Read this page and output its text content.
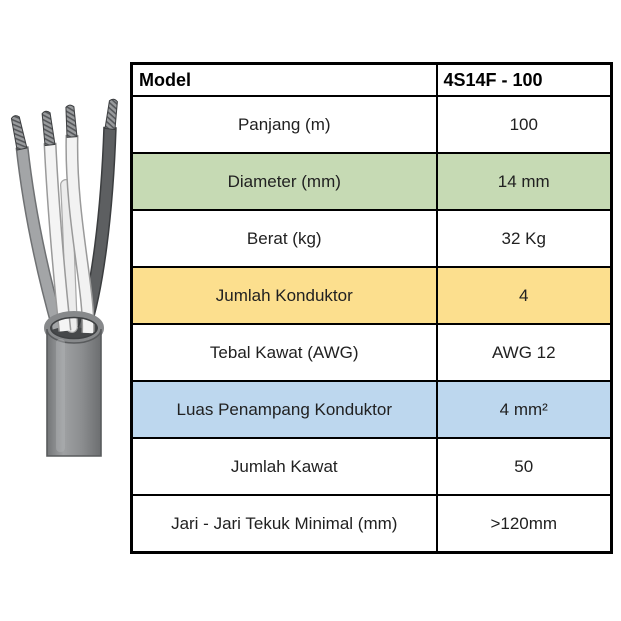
Model	4S14F - 100
Panjang (m)	100
Diameter (mm)	14 mm
Berat (kg)	32 Kg
Jumlah Konduktor	4
Tebal Kawat (AWG)	AWG 12
Luas Penampang Konduktor	4 mm²
Jumlah Kawat	50
Jari - Jari Tekuk Minimal (mm)	>120mm
